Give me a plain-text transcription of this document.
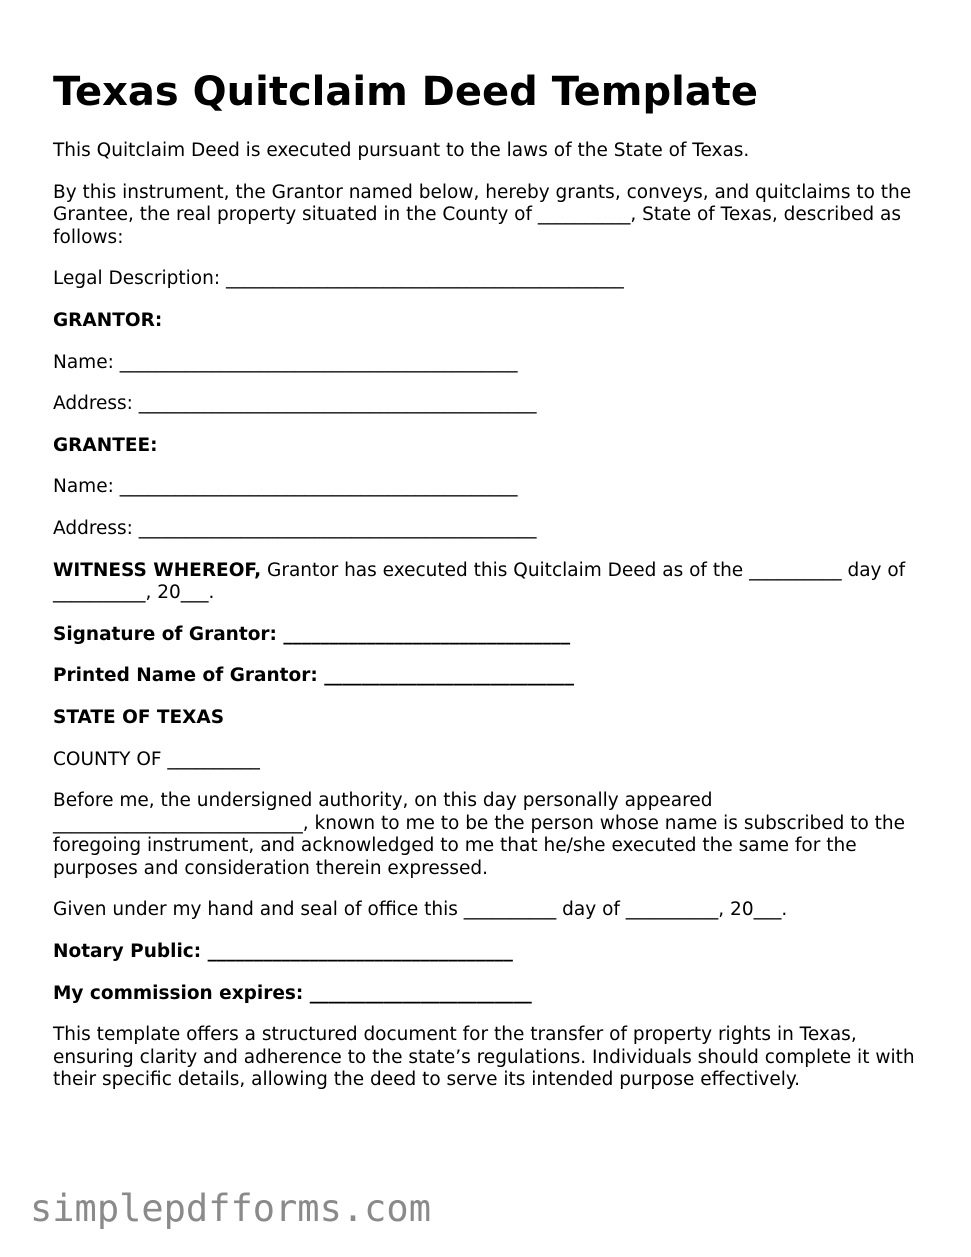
Texas Quitclaim Deed Template

This Quitclaim Deed is executed pursuant to the laws of the State of Texas.

By this instrument, the Grantor named below, hereby grants, conveys, and quitclaims to the Grantee, the real property situated in the County of __________, State of Texas, described as follows:

Legal Description: ___________________________________________

GRANTOR:

Name: ___________________________________________

Address: ___________________________________________

GRANTEE:

Name: ___________________________________________

Address: ___________________________________________

WITNESS WHEREOF, Grantor has executed this Quitclaim Deed as of the __________ day of __________, 20___.

Signature of Grantor: _______________________________

Printed Name of Grantor: ___________________________

STATE OF TEXAS

COUNTY OF __________

Before me, the undersigned authority, on this day personally appeared ___________________________, known to me to be the person whose name is subscribed to the foregoing instrument, and acknowledged to me that he/she executed the same for the purposes and consideration therein expressed.

Given under my hand and seal of office this __________ day of __________, 20___.

Notary Public: _________________________________

My commission expires: ________________________

This template offers a structured document for the transfer of property rights in Texas, ensuring clarity and adherence to the state’s regulations. Individuals should complete it with their specific details, allowing the deed to serve its intended purpose effectively.

simplepdfforms.com
